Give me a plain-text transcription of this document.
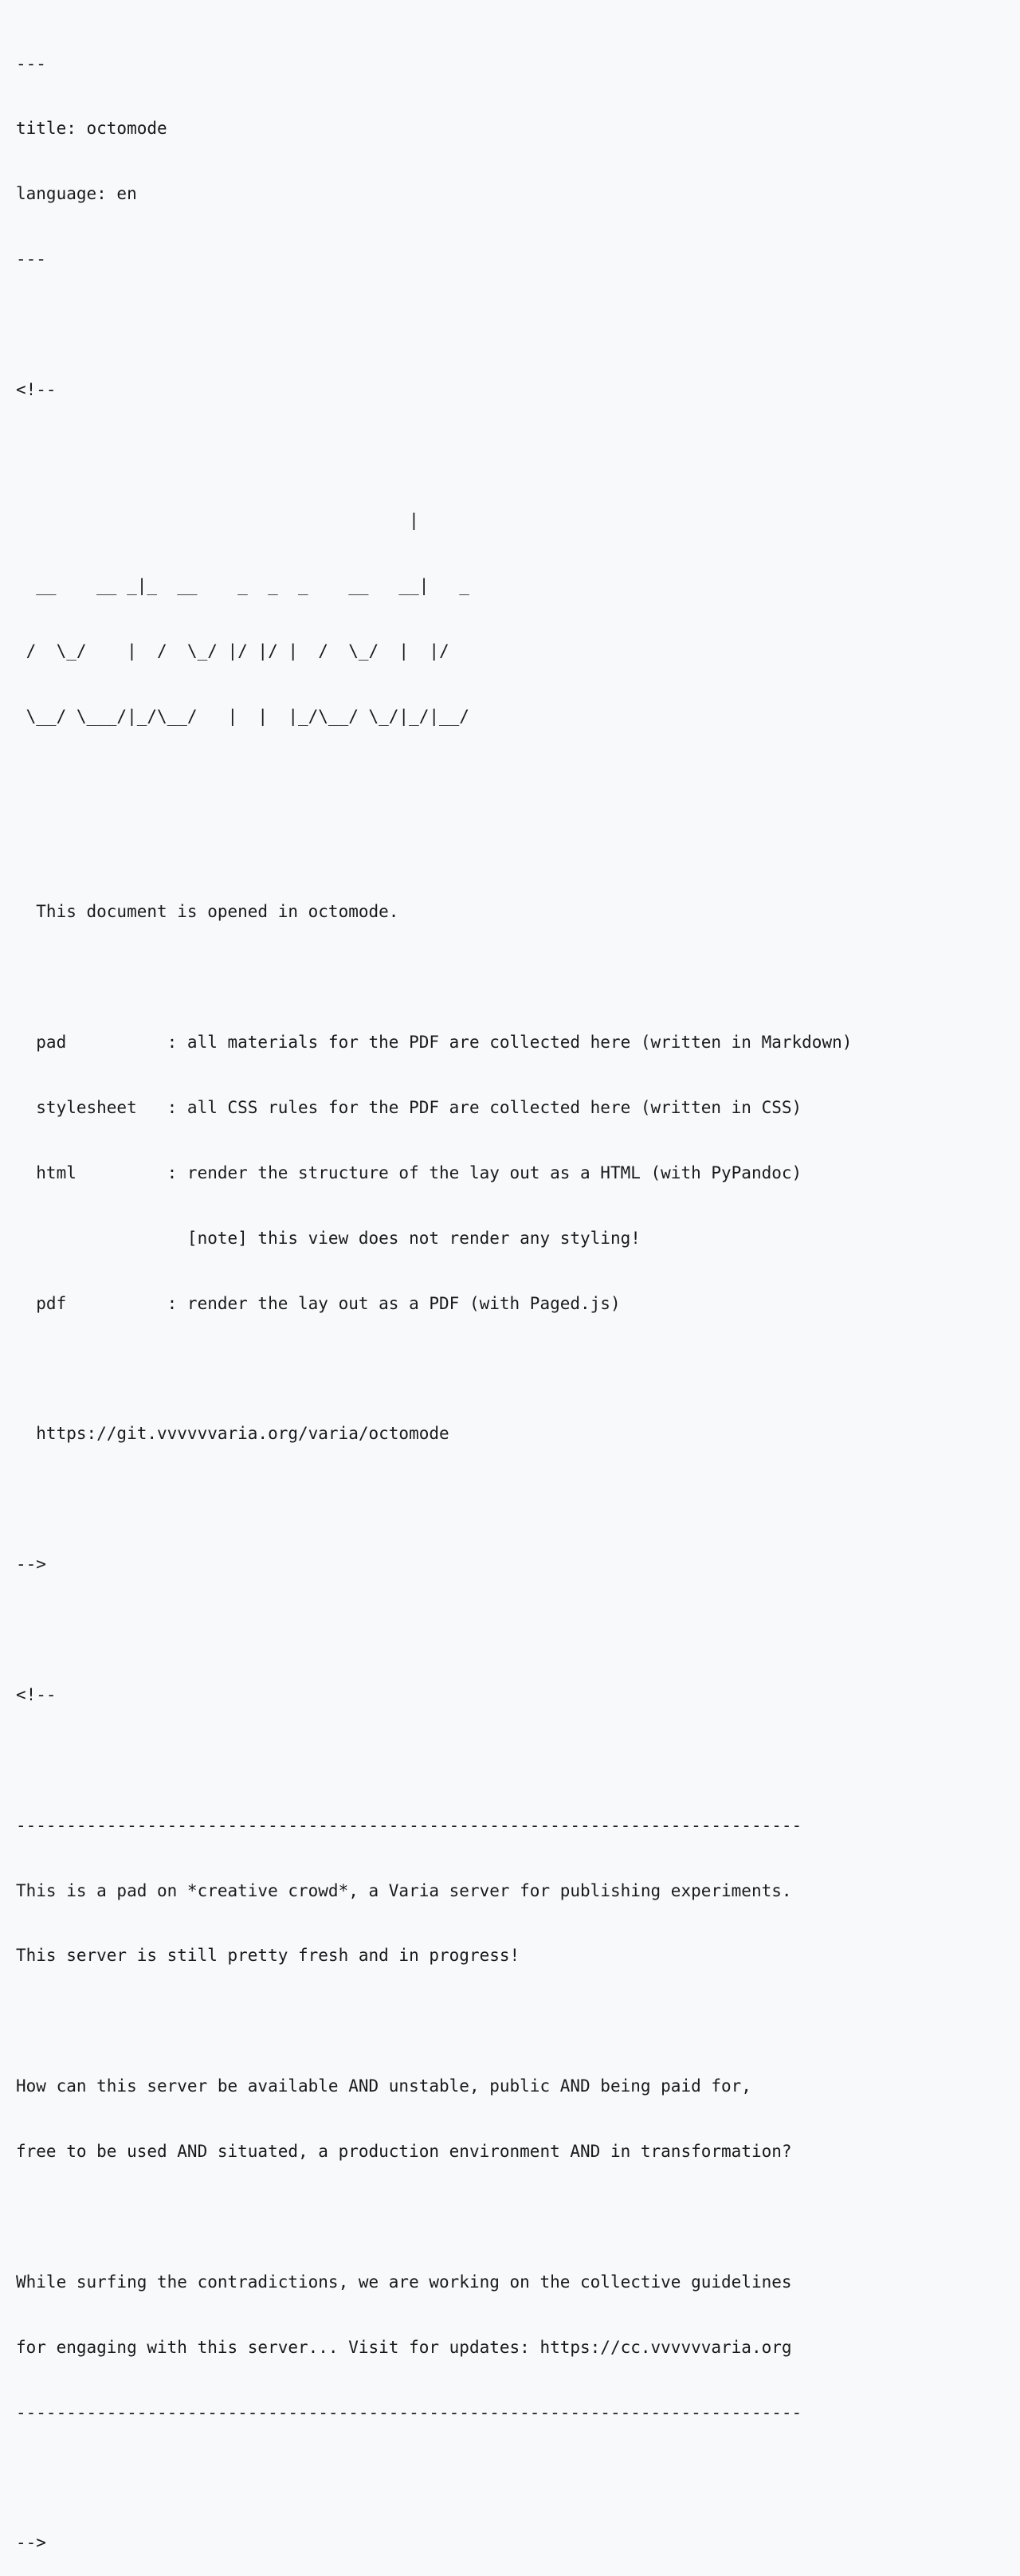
---

title: octomode

language: en

---

<!--

|

__    __ _|_  __    _  _  _    __   __|   _

/  \_/    |  /  \_/ |/ |/ |  /  \_/  |  |/

\__/ \___/|_/\__/   |  |  |_/\__/ \_/|_/|__/

This document is opened in octomode.

pad          : all materials for the PDF are collected here (written in Markdown)

stylesheet   : all CSS rules for the PDF are collected here (written in CSS)

html         : render the structure of the lay out as a HTML (with PyPandoc)

[note] this view does not render any styling!

pdf          : render the lay out as a PDF (with Paged.js)

https://git.vvvvvvaria.org/varia/octomode

-->

<!--

------------------------------------------------------------------------------

This is a pad on *creative crowd*, a Varia server for publishing experiments.

This server is still pretty fresh and in progress!

How can this server be available AND unstable, public AND being paid for,

free to be used AND situated, a production environment AND in transformation?

While surfing the contradictions, we are working on the collective guidelines

for engaging with this server... Visit for updates: https://cc.vvvvvvaria.org

------------------------------------------------------------------------------

-->
